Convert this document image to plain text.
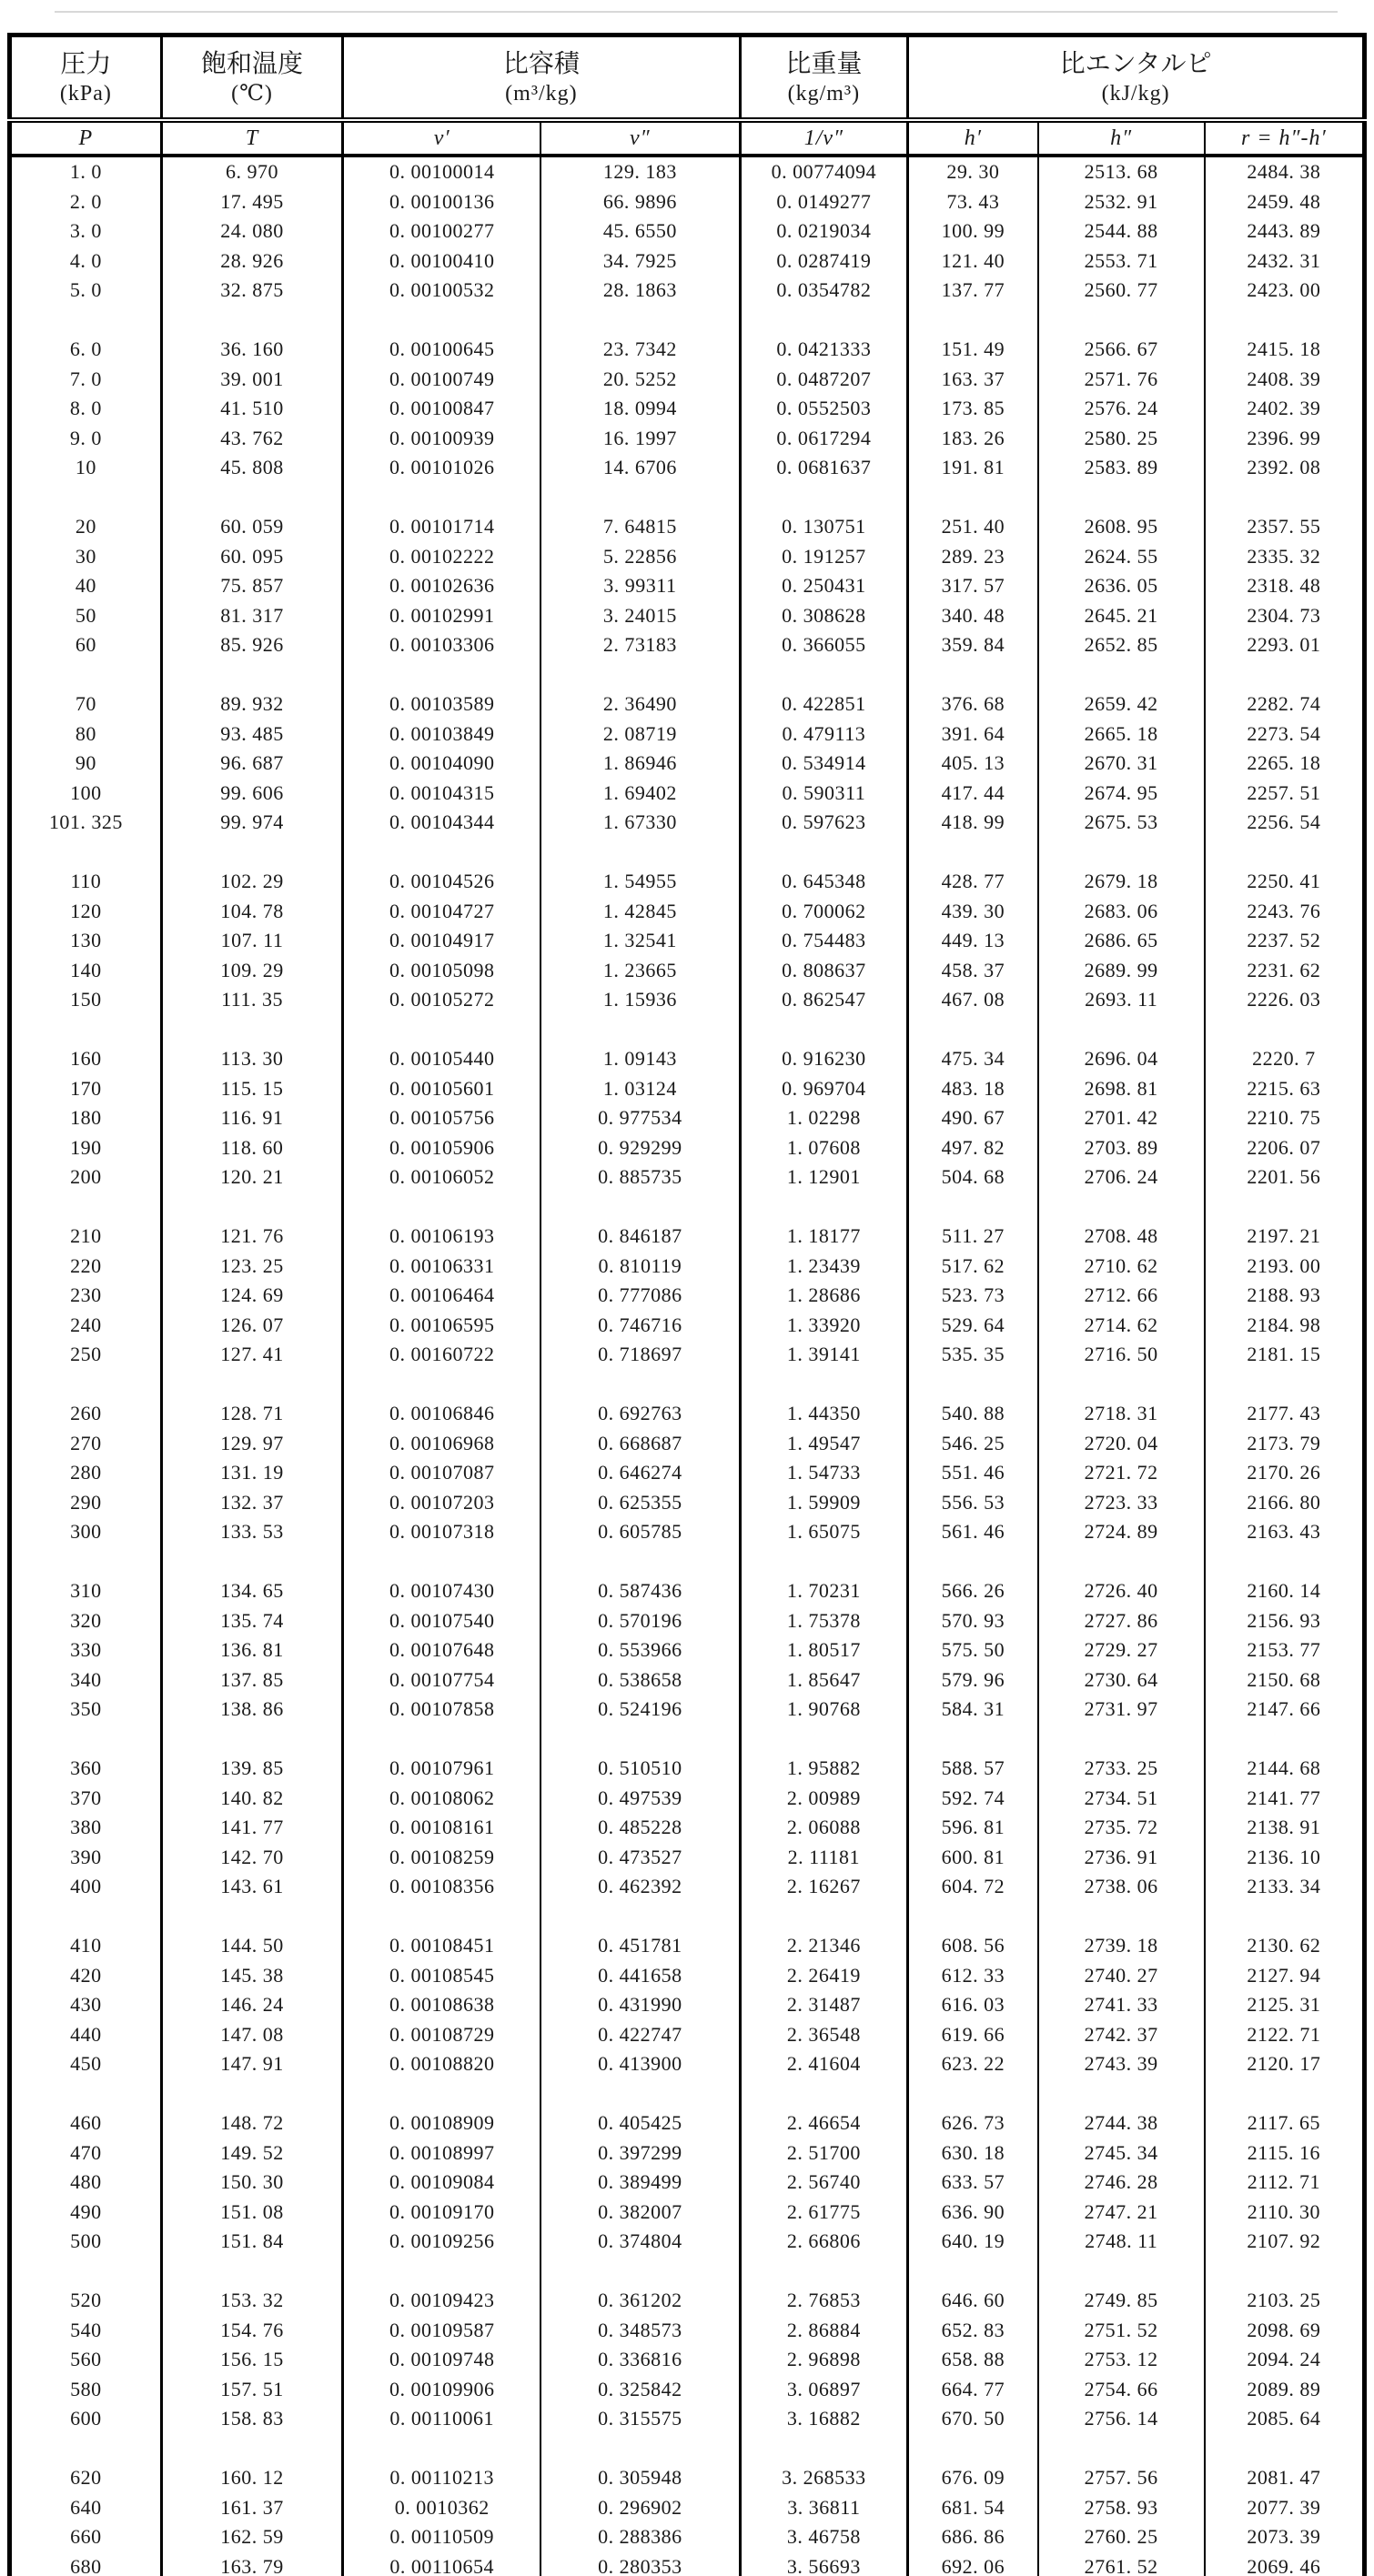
圧力
(kPa)

飽和温度
(℃)

比容積
(m³/kg)

比重量
(kg/m³)

比エンタルピ
(kJ/kg)

P	T	v′	v″	1/v″	h′	h″	r = h″-h′
1. 0	6. 970	0. 00100014	129. 183	0. 00774094	29. 30	2513. 68	2484. 38
2. 0	17. 495	0. 00100136	66. 9896	0. 0149277	73. 43	2532. 91	2459. 48
3. 0	24. 080	0. 00100277	45. 6550	0. 0219034	100. 99	2544. 88	2443. 89
4. 0	28. 926	0. 00100410	34. 7925	0. 0287419	121. 40	2553. 71	2432. 31
5. 0	32. 875	0. 00100532	28. 1863	0. 0354782	137. 77	2560. 77	2423. 00

6. 0	36. 160	0. 00100645	23. 7342	0. 0421333	151. 49	2566. 67	2415. 18
7. 0	39. 001	0. 00100749	20. 5252	0. 0487207	163. 37	2571. 76	2408. 39
8. 0	41. 510	0. 00100847	18. 0994	0. 0552503	173. 85	2576. 24	2402. 39
9. 0	43. 762	0. 00100939	16. 1997	0. 0617294	183. 26	2580. 25	2396. 99
10	45. 808	0. 00101026	14. 6706	0. 0681637	191. 81	2583. 89	2392. 08

20	60. 059	0. 00101714	7. 64815	0. 130751	251. 40	2608. 95	2357. 55
30	60. 095	0. 00102222	5. 22856	0. 191257	289. 23	2624. 55	2335. 32
40	75. 857	0. 00102636	3. 99311	0. 250431	317. 57	2636. 05	2318. 48
50	81. 317	0. 00102991	3. 24015	0. 308628	340. 48	2645. 21	2304. 73
60	85. 926	0. 00103306	2. 73183	0. 366055	359. 84	2652. 85	2293. 01

70	89. 932	0. 00103589	2. 36490	0. 422851	376. 68	2659. 42	2282. 74
80	93. 485	0. 00103849	2. 08719	0. 479113	391. 64	2665. 18	2273. 54
90	96. 687	0. 00104090	1. 86946	0. 534914	405. 13	2670. 31	2265. 18
100	99. 606	0. 00104315	1. 69402	0. 590311	417. 44	2674. 95	2257. 51
101. 325	99. 974	0. 00104344	1. 67330	0. 597623	418. 99	2675. 53	2256. 54

110	102. 29	0. 00104526	1. 54955	0. 645348	428. 77	2679. 18	2250. 41
120	104. 78	0. 00104727	1. 42845	0. 700062	439. 30	2683. 06	2243. 76
130	107. 11	0. 00104917	1. 32541	0. 754483	449. 13	2686. 65	2237. 52
140	109. 29	0. 00105098	1. 23665	0. 808637	458. 37	2689. 99	2231. 62
150	111. 35	0. 00105272	1. 15936	0. 862547	467. 08	2693. 11	2226. 03

160	113. 30	0. 00105440	1. 09143	0. 916230	475. 34	2696. 04	2220. 7
170	115. 15	0. 00105601	1. 03124	0. 969704	483. 18	2698. 81	2215. 63
180	116. 91	0. 00105756	0. 977534	1. 02298	490. 67	2701. 42	2210. 75
190	118. 60	0. 00105906	0. 929299	1. 07608	497. 82	2703. 89	2206. 07
200	120. 21	0. 00106052	0. 885735	1. 12901	504. 68	2706. 24	2201. 56

210	121. 76	0. 00106193	0. 846187	1. 18177	511. 27	2708. 48	2197. 21
220	123. 25	0. 00106331	0. 810119	1. 23439	517. 62	2710. 62	2193. 00
230	124. 69	0. 00106464	0. 777086	1. 28686	523. 73	2712. 66	2188. 93
240	126. 07	0. 00106595	0. 746716	1. 33920	529. 64	2714. 62	2184. 98
250	127. 41	0. 00160722	0. 718697	1. 39141	535. 35	2716. 50	2181. 15

260	128. 71	0. 00106846	0. 692763	1. 44350	540. 88	2718. 31	2177. 43
270	129. 97	0. 00106968	0. 668687	1. 49547	546. 25	2720. 04	2173. 79
280	131. 19	0. 00107087	0. 646274	1. 54733	551. 46	2721. 72	2170. 26
290	132. 37	0. 00107203	0. 625355	1. 59909	556. 53	2723. 33	2166. 80
300	133. 53	0. 00107318	0. 605785	1. 65075	561. 46	2724. 89	2163. 43

310	134. 65	0. 00107430	0. 587436	1. 70231	566. 26	2726. 40	2160. 14
320	135. 74	0. 00107540	0. 570196	1. 75378	570. 93	2727. 86	2156. 93
330	136. 81	0. 00107648	0. 553966	1. 80517	575. 50	2729. 27	2153. 77
340	137. 85	0. 00107754	0. 538658	1. 85647	579. 96	2730. 64	2150. 68
350	138. 86	0. 00107858	0. 524196	1. 90768	584. 31	2731. 97	2147. 66

360	139. 85	0. 00107961	0. 510510	1. 95882	588. 57	2733. 25	2144. 68
370	140. 82	0. 00108062	0. 497539	2. 00989	592. 74	2734. 51	2141. 77
380	141. 77	0. 00108161	0. 485228	2. 06088	596. 81	2735. 72	2138. 91
390	142. 70	0. 00108259	0. 473527	2. 11181	600. 81	2736. 91	2136. 10
400	143. 61	0. 00108356	0. 462392	2. 16267	604. 72	2738. 06	2133. 34

410	144. 50	0. 00108451	0. 451781	2. 21346	608. 56	2739. 18	2130. 62
420	145. 38	0. 00108545	0. 441658	2. 26419	612. 33	2740. 27	2127. 94
430	146. 24	0. 00108638	0. 431990	2. 31487	616. 03	2741. 33	2125. 31
440	147. 08	0. 00108729	0. 422747	2. 36548	619. 66	2742. 37	2122. 71
450	147. 91	0. 00108820	0. 413900	2. 41604	623. 22	2743. 39	2120. 17

460	148. 72	0. 00108909	0. 405425	2. 46654	626. 73	2744. 38	2117. 65
470	149. 52	0. 00108997	0. 397299	2. 51700	630. 18	2745. 34	2115. 16
480	150. 30	0. 00109084	0. 389499	2. 56740	633. 57	2746. 28	2112. 71
490	151. 08	0. 00109170	0. 382007	2. 61775	636. 90	2747. 21	2110. 30
500	151. 84	0. 00109256	0. 374804	2. 66806	640. 19	2748. 11	2107. 92

520	153. 32	0. 00109423	0. 361202	2. 76853	646. 60	2749. 85	2103. 25
540	154. 76	0. 00109587	0. 348573	2. 86884	652. 83	2751. 52	2098. 69
560	156. 15	0. 00109748	0. 336816	2. 96898	658. 88	2753. 12	2094. 24
580	157. 51	0. 00109906	0. 325842	3. 06897	664. 77	2754. 66	2089. 89
600	158. 83	0. 00110061	0. 315575	3. 16882	670. 50	2756. 14	2085. 64

620	160. 12	0. 00110213	0. 305948	3. 268533	676. 09	2757. 56	2081. 47
640	161. 37	0. 0010362	0. 296902	3. 36811	681. 54	2758. 93	2077. 39
660	162. 59	0. 00110509	0. 288386	3. 46758	686. 86	2760. 25	2073. 39
680	163. 79	0. 00110654	0. 280353	3. 56693	692. 06	2761. 52	2069. 46
